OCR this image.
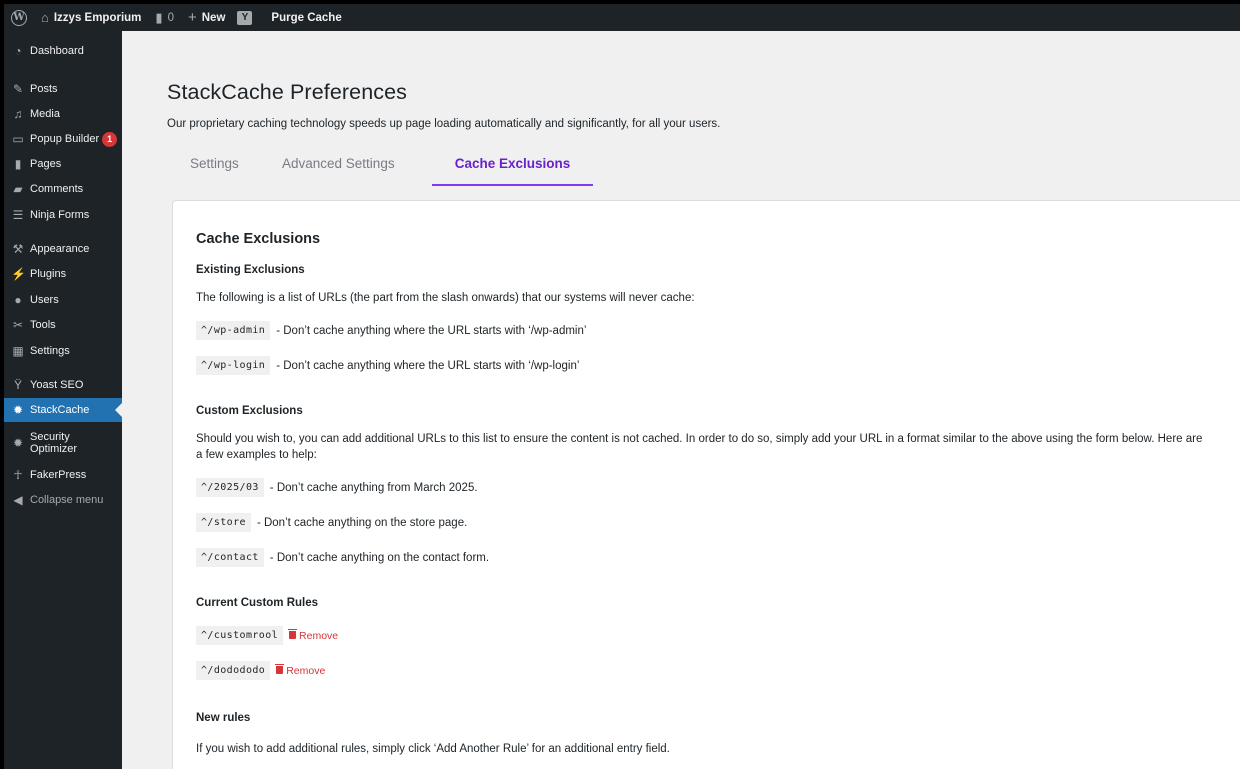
W ⌂ Izzys Emporium ▮ 0 + New	Y	Purge Cache
◔ Dashboard
✎ Posts
♫ Media
▭ Popup Builder 1
▮ Pages
▰ Comments
☰ Ninja Forms
⚒ Appearance
⚡ Plugins
● Users
✂ Tools
▦ Settings
Ÿ Yoast SEO
✹ StackCache
✹ Security
Optimizer
☥ FakerPress
◀ Collapse menu
StackCache Preferences

Our proprietary caching technology speeds up page loading automatically and significantly, for all your users.

Settings	Advanced Settings	Cache Exclusions
Cache Exclusions
Existing Exclusions
The following is a list of URLs (the part from the slash onwards) that our systems will never cache:
^/wp-admin - Don’t cache anything where the URL starts with ‘/wp-admin’
^/wp-login - Don’t cache anything where the URL starts with ‘/wp-login’
Custom Exclusions
Should you wish to, you can add additional URLs to this list to ensure the content is not cached. In order to do so, simply add your URL in a format similar to the above using the form below. Here are a few examples to help:
^/2025/03 - Don’t cache anything from March 2025.
^/store - Don’t cache anything on the store page.
^/contact - Don’t cache anything on the contact form.
Current Custom Rules
^/customrool	Remove
^/dodododo	Remove
New rules
If you wish to add additional rules, simply click ‘Add Another Rule’ for an additional entry field.
